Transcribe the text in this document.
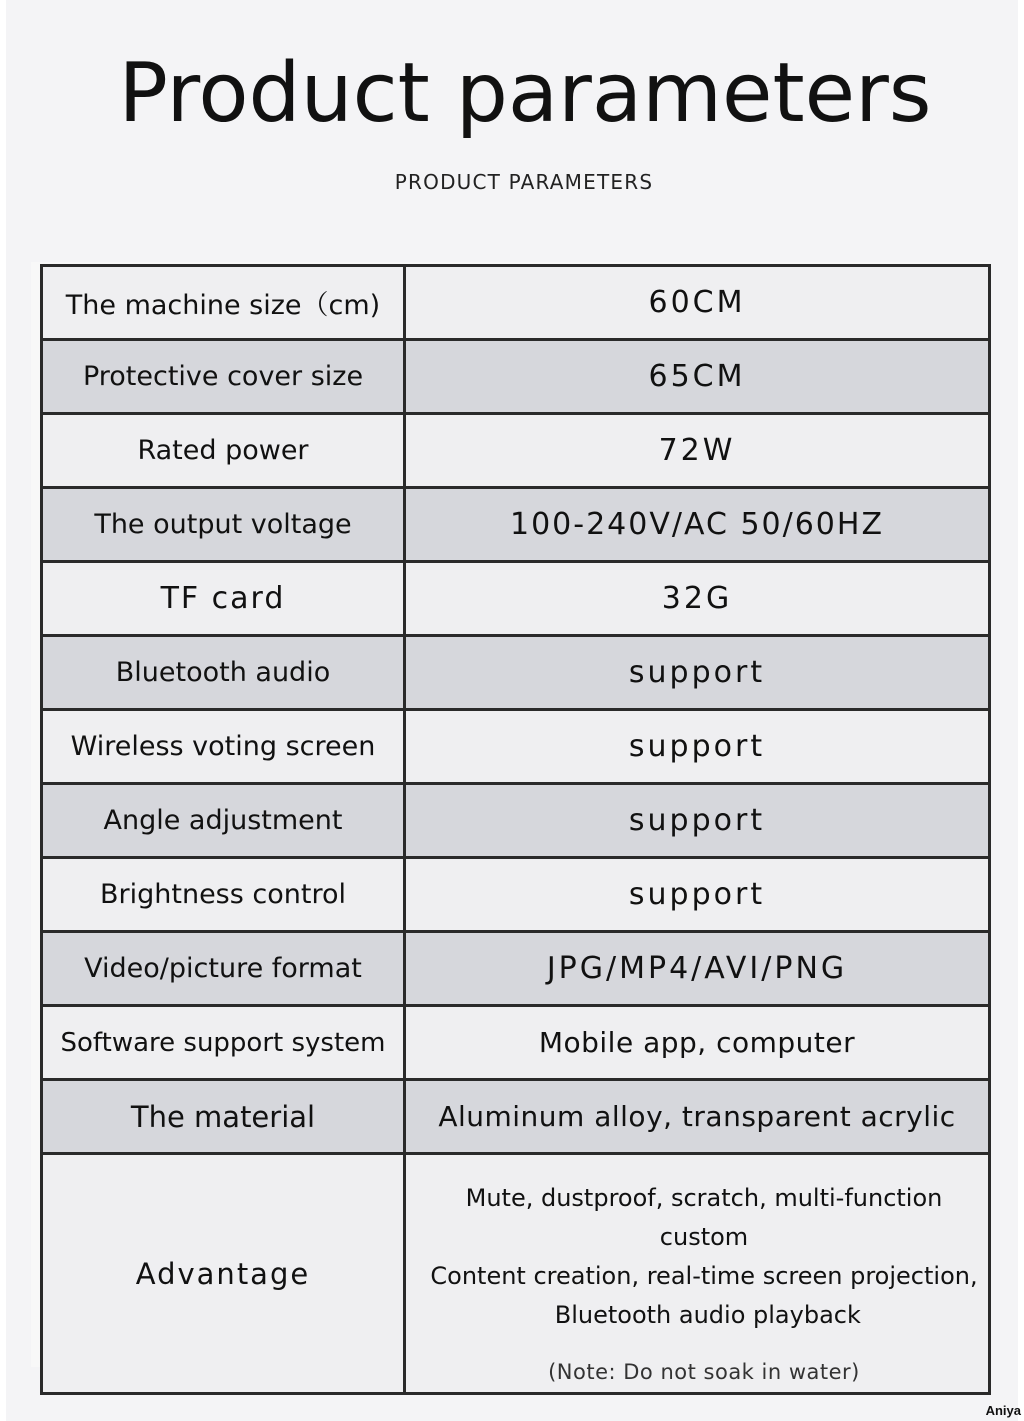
Product parameters
PRODUCT PARAMETERS
The machine size（cm)	60CM
Protective cover size	65CM
Rated power	72W
The output voltage	100-240V/AC 50/60HZ
TF card	32G
Bluetooth audio	support
Wireless voting screen	support
Angle adjustment	support
Brightness control	support
Video/picture format	JPG/MP4/AVI/PNG
Software support system	Mobile app, computer
The material	Aluminum alloy, transparent acrylic
Advantage	Mute, dustproof, scratch, multi-function custom
Content creation, real-time screen projection,
Bluetooth audio playback
(Note: Do not soak in water)
Aniya
